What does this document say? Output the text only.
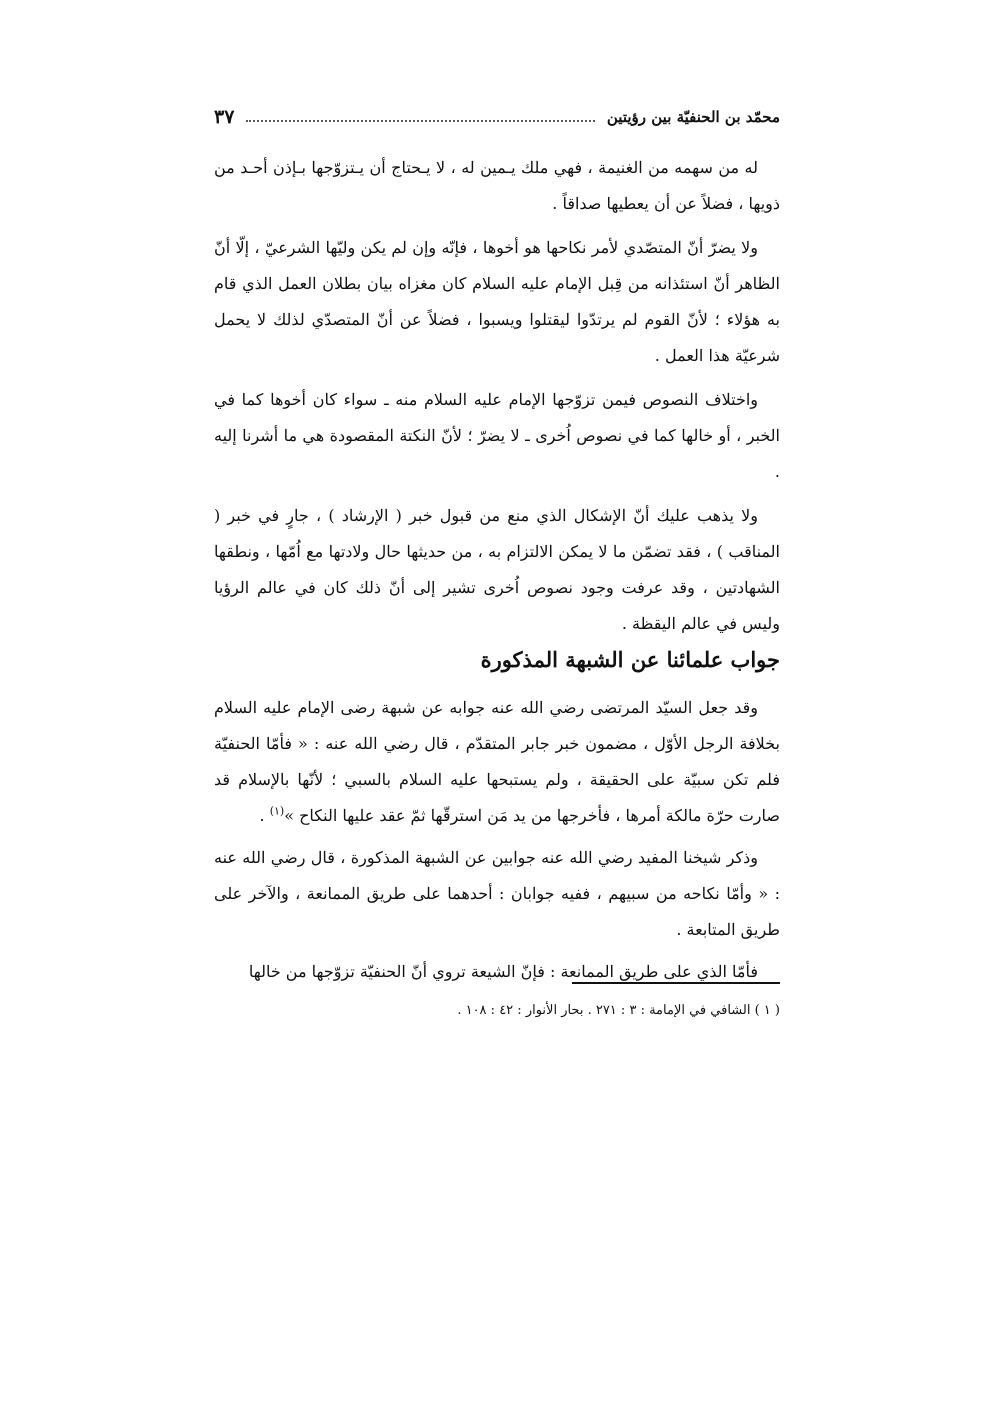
محمّد بن الحنفيّة بين رؤيتين
٣٧

له من سهمه من الغنيمة ، فهي ملك يـمين له ، لا يـحتاج أن يـتزوّجها بـإذن أحـد من ذويها ، فضلاً عن أن يعطيها صداقاً .

ولا يضرّ أنّ المتصّدي لأمر نكاحها هو أخوها ، فإنّه وإن لم يكن وليّها الشرعيّ ، إلّا أنّ الظاهر أنّ استئذانه من قِبل الإمام عليه السلام كان مغزاه بيان بطلان العمل الذي قام به هؤلاء ؛ لأنّ القوم لم يرتدّوا ليقتلوا ويسبوا ، فضلاً عن أنّ المتصدّي لذلك لا يحمل شرعيّة هذا العمل .

واختلاف النصوص فيمن تزوّجها الإمام عليه السلام منه ـ سواء كان أخوها كما في الخبر ، أو خالها كما في نصوص اُخرى ـ لا يضرّ ؛ لأنّ النكتة المقصودة هي ما أشرنا إليه .

ولا يذهب عليك أنّ الإشكال الذي منع من قبول خبر ( الإرشاد ) ، جارٍ في خبر ( المناقب ) ، فقد تضمّن ما لا يمكن الالتزام به ، من حديثها حال ولادتها مع اُمّها ، ونطقها الشهادتين ، وقد عرفت وجود نصوص اُخرى تشير إلى أنّ ذلك كان في عالم الرؤيا وليس في عالم اليقظة .

جواب علمائنا عن الشبهة المذكورة

وقد جعل السيّد المرتضى رضي الله عنه جوابه عن شبهة رضى الإمام عليه السلام بخلافة الرجل الأوّل ، مضمون خبر جابر المتقدّم ، قال رضي الله عنه : « فأمّا الحنفيّة فلم تكن سبيّة على الحقيقة ، ولم يستبحها عليه السلام بالسبي ؛ لأنّها بالإسلام قد صارت حرّة مالكة أمرها ، فأخرجها من يد مَن استرقّها ثمّ عقد عليها النكاح »$^{(١)}$ .

وذكر شيخنا المفيد رضي الله عنه جوابين عن الشبهة المذكورة ، قال رضي الله عنه : « وأمّا نكاحه من سبيهم ، ففيه جوابان : أحدهما على طريق الممانعة ، والآخر على طريق المتابعة .

فأمّا الذي على طريق الممانعة : فإنّ الشيعة تروي أنّ الحنفيّة تزوّجها من خالها

( ١ ) الشافي في الإمامة : ٣ : ٢٧١ . بحار الأنوار : ٤٢ : ١٠٨ .
